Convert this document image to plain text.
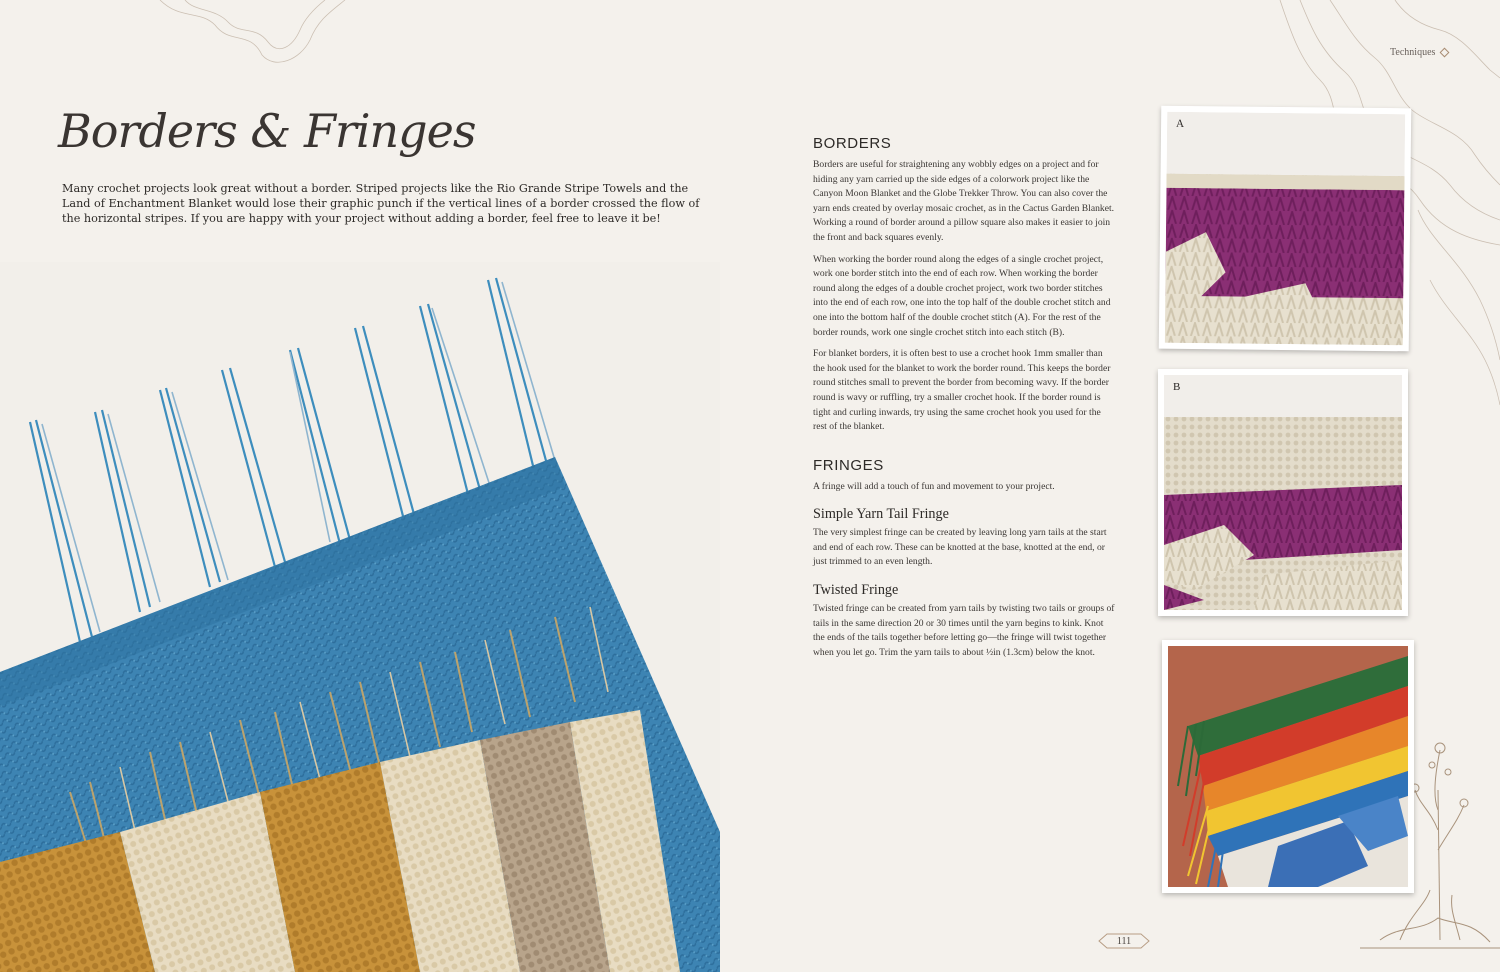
Techniques
Borders & Fringes

Many crochet projects look great without a border. Striped projects like the Rio Grande Stripe Towels and the Land of Enchantment Blanket would lose their graphic punch if the vertical lines of a border crossed the flow of the horizontal stripes. If you are happy with your project without adding a border, feel free to leave it be!

BORDERS

Borders are useful for straightening any wobbly edges on a project and for hiding any yarn carried up the side edges of a colorwork project like the Canyon Moon Blanket and the Globe Trekker Throw. You can also cover the yarn ends created by overlay mosaic crochet, as in the Cactus Garden Blanket. Working a round of border around a pillow square also makes it easier to join the front and back squares evenly.

When working the border round along the edges of a single crochet project, work one border stitch into the end of each row. When working the border round along the edges of a double crochet project, work two border stitches into the end of each row, one into the top half of the double crochet stitch and one into the bottom half of the double crochet stitch (A). For the rest of the border rounds, work one single crochet stitch into each stitch (B).

For blanket borders, it is often best to use a crochet hook 1mm smaller than the hook used for the blanket to work the border round. This keeps the border round stitches small to prevent the border from becoming wavy. If the border round is wavy or ruffling, try a smaller crochet hook. If the border round is tight and curling inwards, try using the same crochet hook you used for the rest of the blanket.

FRINGES

A fringe will add a touch of fun and movement to your project.

Simple Yarn Tail Fringe

The very simplest fringe can be created by leaving long yarn tails at the start and end of each row. These can be knotted at the base, knotted at the end, or just trimmed to an even length.

Twisted Fringe

Twisted fringe can be created from yarn tails by twisting two tails or groups of tails in the same direction 20 or 30 times until the yarn begins to kink. Knot the ends of the tails together before letting go—the fringe will twist together when you let go. Trim the yarn tails to about ½in (1.3cm) below the knot.

A
B
111
